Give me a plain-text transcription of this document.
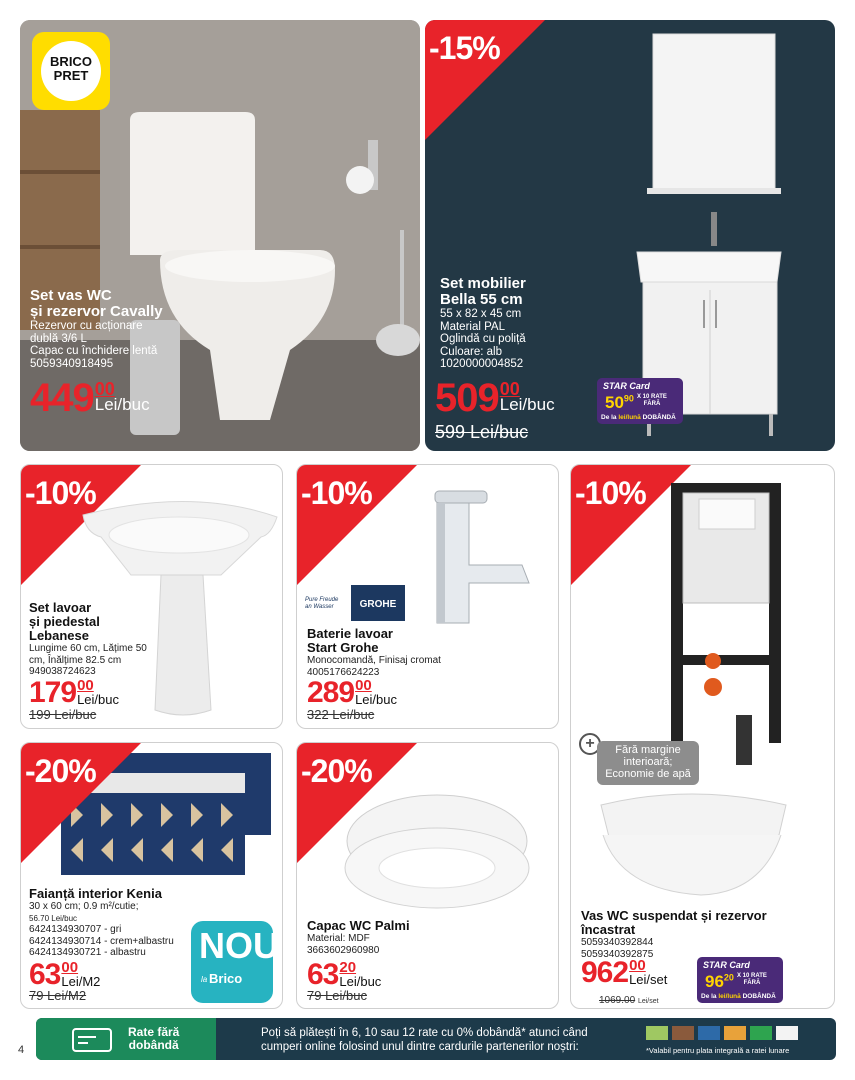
BRICO
PRET
Set vas WC
și rezervor Cavally
Rezervor cu acționare
dublă 3/6 L
Capac cu închidere lentă
5059340918495
449 00
Lei/buc
-15%
Set mobilier
Bella 55 cm
55 x 82 x 45 cm
Material PAL
Oglindă cu poliță
Culoare: alb
1020000004852
509 00
Lei/buc
599 Lei/buc
STAR Card
$50^{90}$ X 10 RATE
FĂRĂ
De la lei/lună DOBÂNDĂ
-10%
Set lavoar
și piedestal
Lebanese
Lungime 60 cm, Lățime 50
cm, Înălțime 82.5 cm
949038724623
179 00
Lei/buc
199 Lei/buc
-10%
Pure Freude an Wasser	GROHE
Baterie lavoar
Start Grohe
Monocomandă, Finisaj cromat
4005176624223
289 00
Lei/buc
322 Lei/buc
-10%
+	Fără margine
interioară;
Economie de apă
Vas WC suspendat și rezervor
încastrat
5059340392844
5059340392875
962 00
Lei/set
1069.00 Lei/set
STAR Card
$96^{20}$ X 10 RATE
FĂRĂ
De la lei/lună DOBÂNDĂ
-20%
Faianță interior Kenia
30 x 60 cm; 0.9 m²/cutie;
56.70 Lei/buc
6424134930707 - gri
6424134930714 - crem+albastru
6424134930721 - albastru
63 00
Lei/M2
79 Lei/M2
NOU
la Brico
-20%
Capac WC Palmi
Material: MDF
3663602960980
63 20
Lei/buc
79 Lei/buc
Rate fără
dobândă
Poți să plătești în 6, 10 sau 12 rate cu 0% dobândă* atunci când
cumperi online folosind unul dintre cardurile partenerilor noștri:	*Valabil pentru plata integrală a ratei lunare
4
